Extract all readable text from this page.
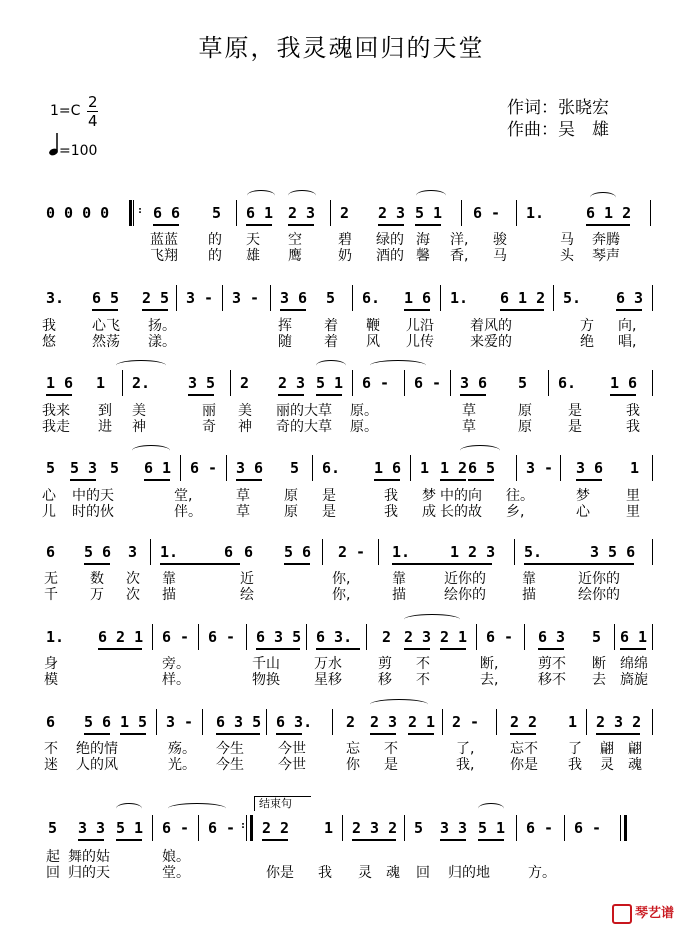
草原，我灵魂回归的天堂
1=C 2
4
=100
作词：张晓宏
作曲：吴　雄
0 0 0 0	: 6 6 5 6 1 2 3 2 2 3 5 1 6 - 1.	6 1 2
蓝蓝 的 天 空	碧 绿的 海 洋, 骏	马 奔腾
飞翔 的 雄 鹰	奶 酒的 馨 香, 马	头 琴声
3. 6 5 2 5 3 - 3 - 3 6 5 6. 1 6 1. 6 1 2 5. 6 3
我	心飞 扬。	挥 着 鞭 儿沿	着风的	方 向,
悠	然荡 漾。	随 着 风 儿传	来爱的	绝 唱,
1 6 1 2.	3 5 2 2 3 5 1 6 - 6 - 3 6 5 6. 1 6
我来 到 美	丽 美 丽的大草 原。	草	原	是	我
我走 进 神	奇 神 奇的大草 原。	草	原	是	我
5 5 3 5 6 1 6 - 3 6 5 6. 1 6 1 1 2 6 5 3 - 3 6 1
心 中的天	堂,	草 原 是	我 梦 中的向 往。	梦	里
儿 时的伙	伴。 草 原 是	我 成 长的故 乡,	心	里
6 5 6 3 1.	6 6 5 6 2 - 1.	1 2 3 5.	3 5 6
无 数 次 靠	近	你,	靠	近你的	靠	近你的
千 万 次 描	绘	你,	描	绘你的	描	绘你的
1. 6 2 1 6 - 6 - 6 3 5 6 3. 2 2 3 2 1 6 - 6 3 5 6 1
身	旁。	千山 万水	剪 不	断,	剪不 断 绵绵
模	样。	物换 星移	移 不	去,	移不 去 旖旎
6 5 6 1 5 3 - 6 3 5 6 3. 2 2 3 2 1 2 - 2 2 1 2 3 2
不 绝的情	殇。 今生 今世	忘 不	了,	忘不 了 翩 翩
迷 人的风	光。 今生 今世	你 是	我,	你是 我 灵 魂
结束句
5 3 3 5 1 6 - 6 - : 2 2 1 2 3 2 5 3 3 5 1 6 - 6 -
起 舞的姑	娘。
回 归的天	堂。	你是 我 灵 魂 回 归的地	方。
琴艺谱
